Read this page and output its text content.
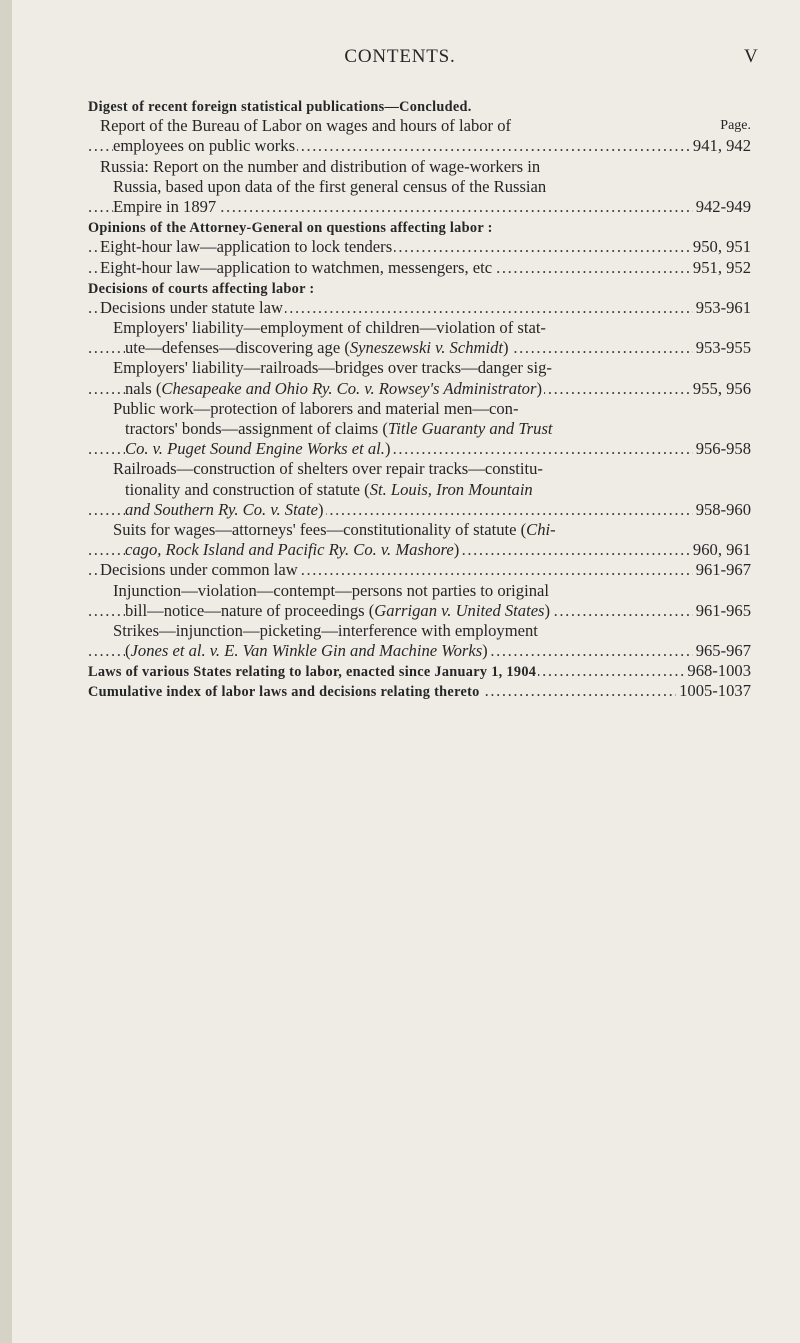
CONTENTS.	V
Digest of recent foreign statistical publications—Concluded.
Report of the Bureau of Labor on wages and hours of labor of	Page.
..... employees on public works	941, 942
Russia: Report on the number and distribution of wage-workers in
Russia, based upon data of the first general census of the Russian
..... Empire in 1897	942-949
Opinions of the Attorney-General on questions affecting labor :
..... Eight-hour law—application to lock tenders	950, 951
..... Eight-hour law—application to watchmen, messengers, etc	951, 952
Decisions of courts affecting labor :
..... Decisions under statute law	953-961
Employers' liability—employment of children—violation of stat-
..... ute—defenses—discovering age (Syneszewski v. Schmidt)	953-955
Employers' liability—railroads—bridges over tracks—danger sig-
..... nals (Chesapeake and Ohio Ry. Co. v. Rowsey's Administrator)	955, 956
Public work—protection of laborers and material men—con-
tractors' bonds—assignment of claims (Title Guaranty and Trust
..... Co. v. Puget Sound Engine Works et al.)	956-958
Railroads—construction of shelters over repair tracks—constitu-
tionality and construction of statute (St. Louis, Iron Mountain
..... and Southern Ry. Co. v. State)	958-960
Suits for wages—attorneys' fees—constitutionality of statute (Chi-
..... cago, Rock Island and Pacific Ry. Co. v. Mashore)	960, 961
..... Decisions under common law	961-967
Injunction—violation—contempt—persons not parties to original
..... bill—notice—nature of proceedings (Garrigan v. United States)	961-965
Strikes—injunction—picketing—interference with employment
..... (Jones et al. v. E. Van Winkle Gin and Machine Works)	965-967
..... Laws of various States relating to labor, enacted since January 1, 1904	968-1003
..... Cumulative index of labor laws and decisions relating thereto	1005-1037
